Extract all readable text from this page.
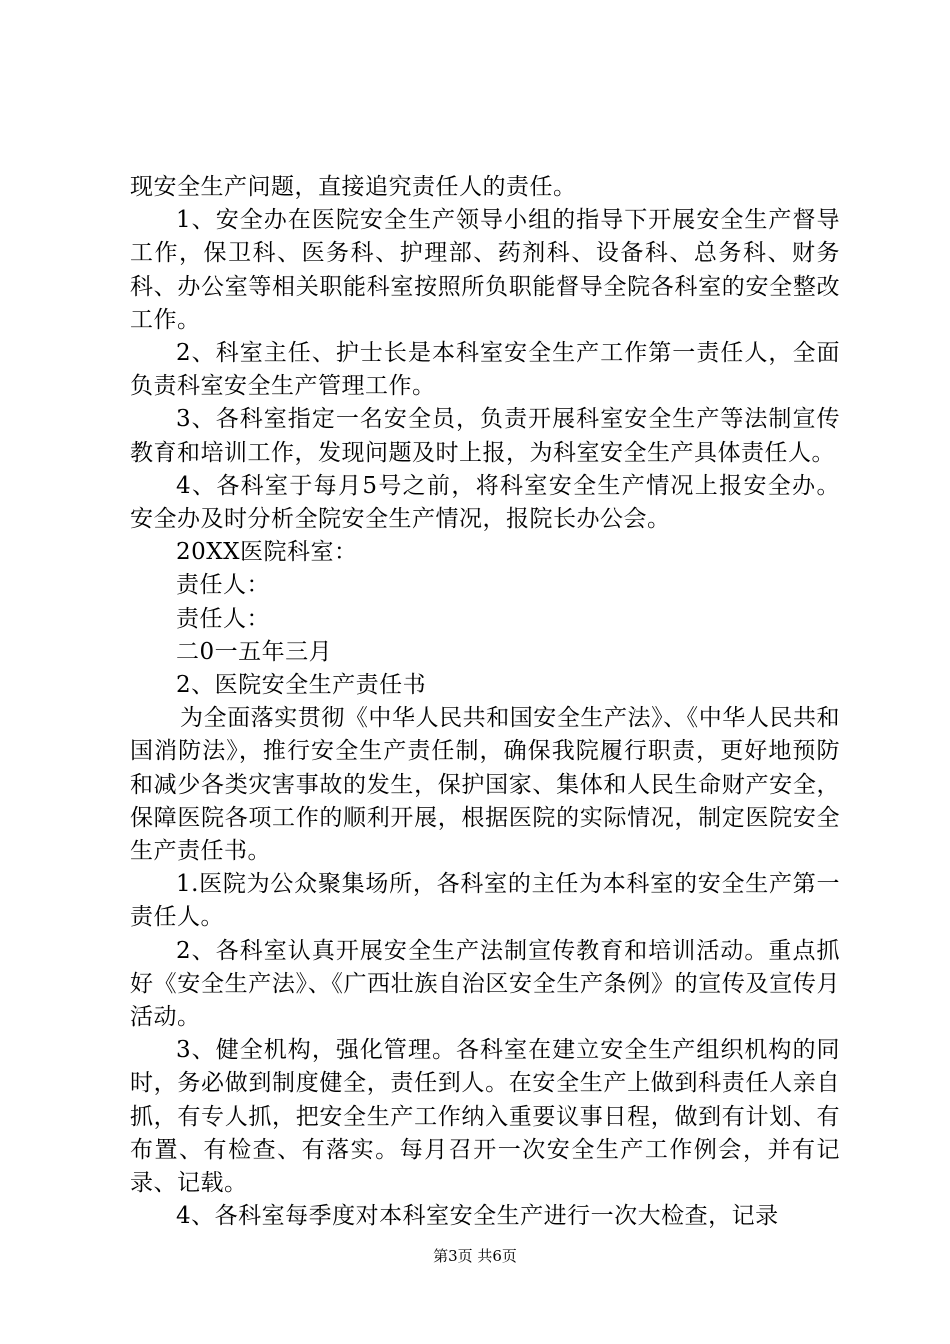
现安全生产问题，直接追究责任人的责任。

1、安全办在医院安全生产领导小组的指导下开展安全生产督导工作，保卫科、医务科、护理部、药剂科、设备科、总务科、财务科、办公室等相关职能科室按照所负职能督导全院各科室的安全整改工作。

2、科室主任、护士长是本科室安全生产工作第一责任人，全面负责科室安全生产管理工作。

3、各科室指定一名安全员，负责开展科室安全生产等法制宣传教育和培训工作，发现问题及时上报，为科室安全生产具体责任人。

4、各科室于每月5号之前，将科室安全生产情况上报安全办。安全办及时分析全院安全生产情况，报院长办公会。

20XX医院科室：

责任人：

责任人：

二0一五年三月

2、医院安全生产责任书

为全面落实贯彻《中华人民共和国安全生产法》、《中华人民共和国消防法》，推行安全生产责任制，确保我院履行职责，更好地预防和减少各类灾害事故的发生，保护国家、集体和人民生命财产安全，保障医院各项工作的顺利开展，根据医院的实际情况，制定医院安全生产责任书。

1.医院为公众聚集场所，各科室的主任为本科室的安全生产第一责任人。

2、各科室认真开展安全生产法制宣传教育和培训活动。重点抓好《安全生产法》、《广西壮族自治区安全生产条例》的宣传及宣传月活动。

3、健全机构，强化管理。各科室在建立安全生产组织机构的同时，务必做到制度健全，责任到人。在安全生产上做到科责任人亲自抓，有专人抓，把安全生产工作纳入重要议事日程，做到有计划、有布置、有检查、有落实。每月召开一次安全生产工作例会，并有记录、记载。

4、各科室每季度对本科室安全生产进行一次大检查，记录

第3页 共6页
